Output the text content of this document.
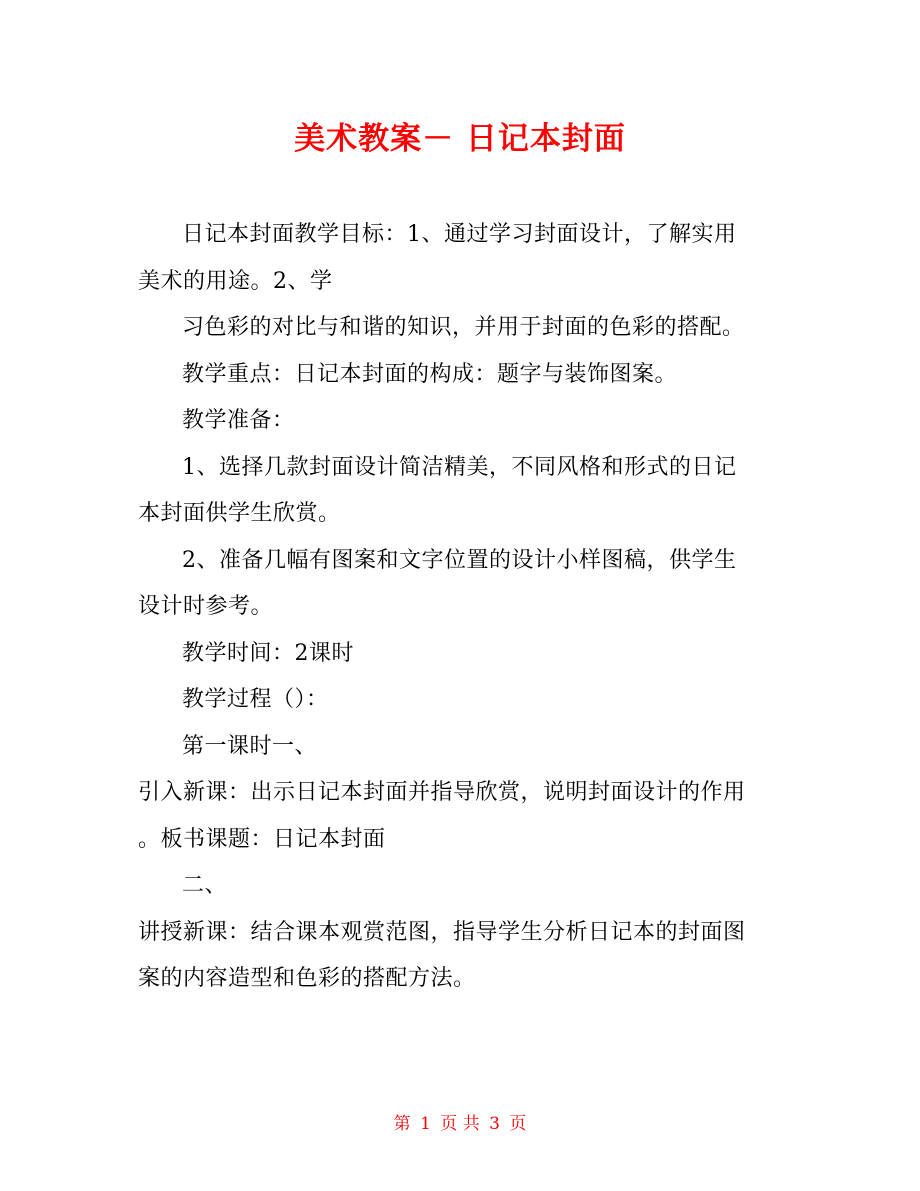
美术教案－ 日记本封面

日记本封面教学目标：1、通过学习封面设计，了解实用

美术的用途。2、学

习色彩的对比与和谐的知识，并用于封面的色彩的搭配。

教学重点：日记本封面的构成：题字与装饰图案。

教学准备：

1、选择几款封面设计简洁精美，不同风格和形式的日记

本封面供学生欣赏。

2、准备几幅有图案和文字位置的设计小样图稿，供学生

设计时参考。

教学时间：2课时

教学过程（）：

第一课时一、

引入新课：出示日记本封面并指导欣赏，说明封面设计的作用

。板书课题：日记本封面

二、

讲授新课：结合课本观赏范图，指导学生分析日记本的封面图

案的内容造型和色彩的搭配方法。

第 1 页 共 3 页
